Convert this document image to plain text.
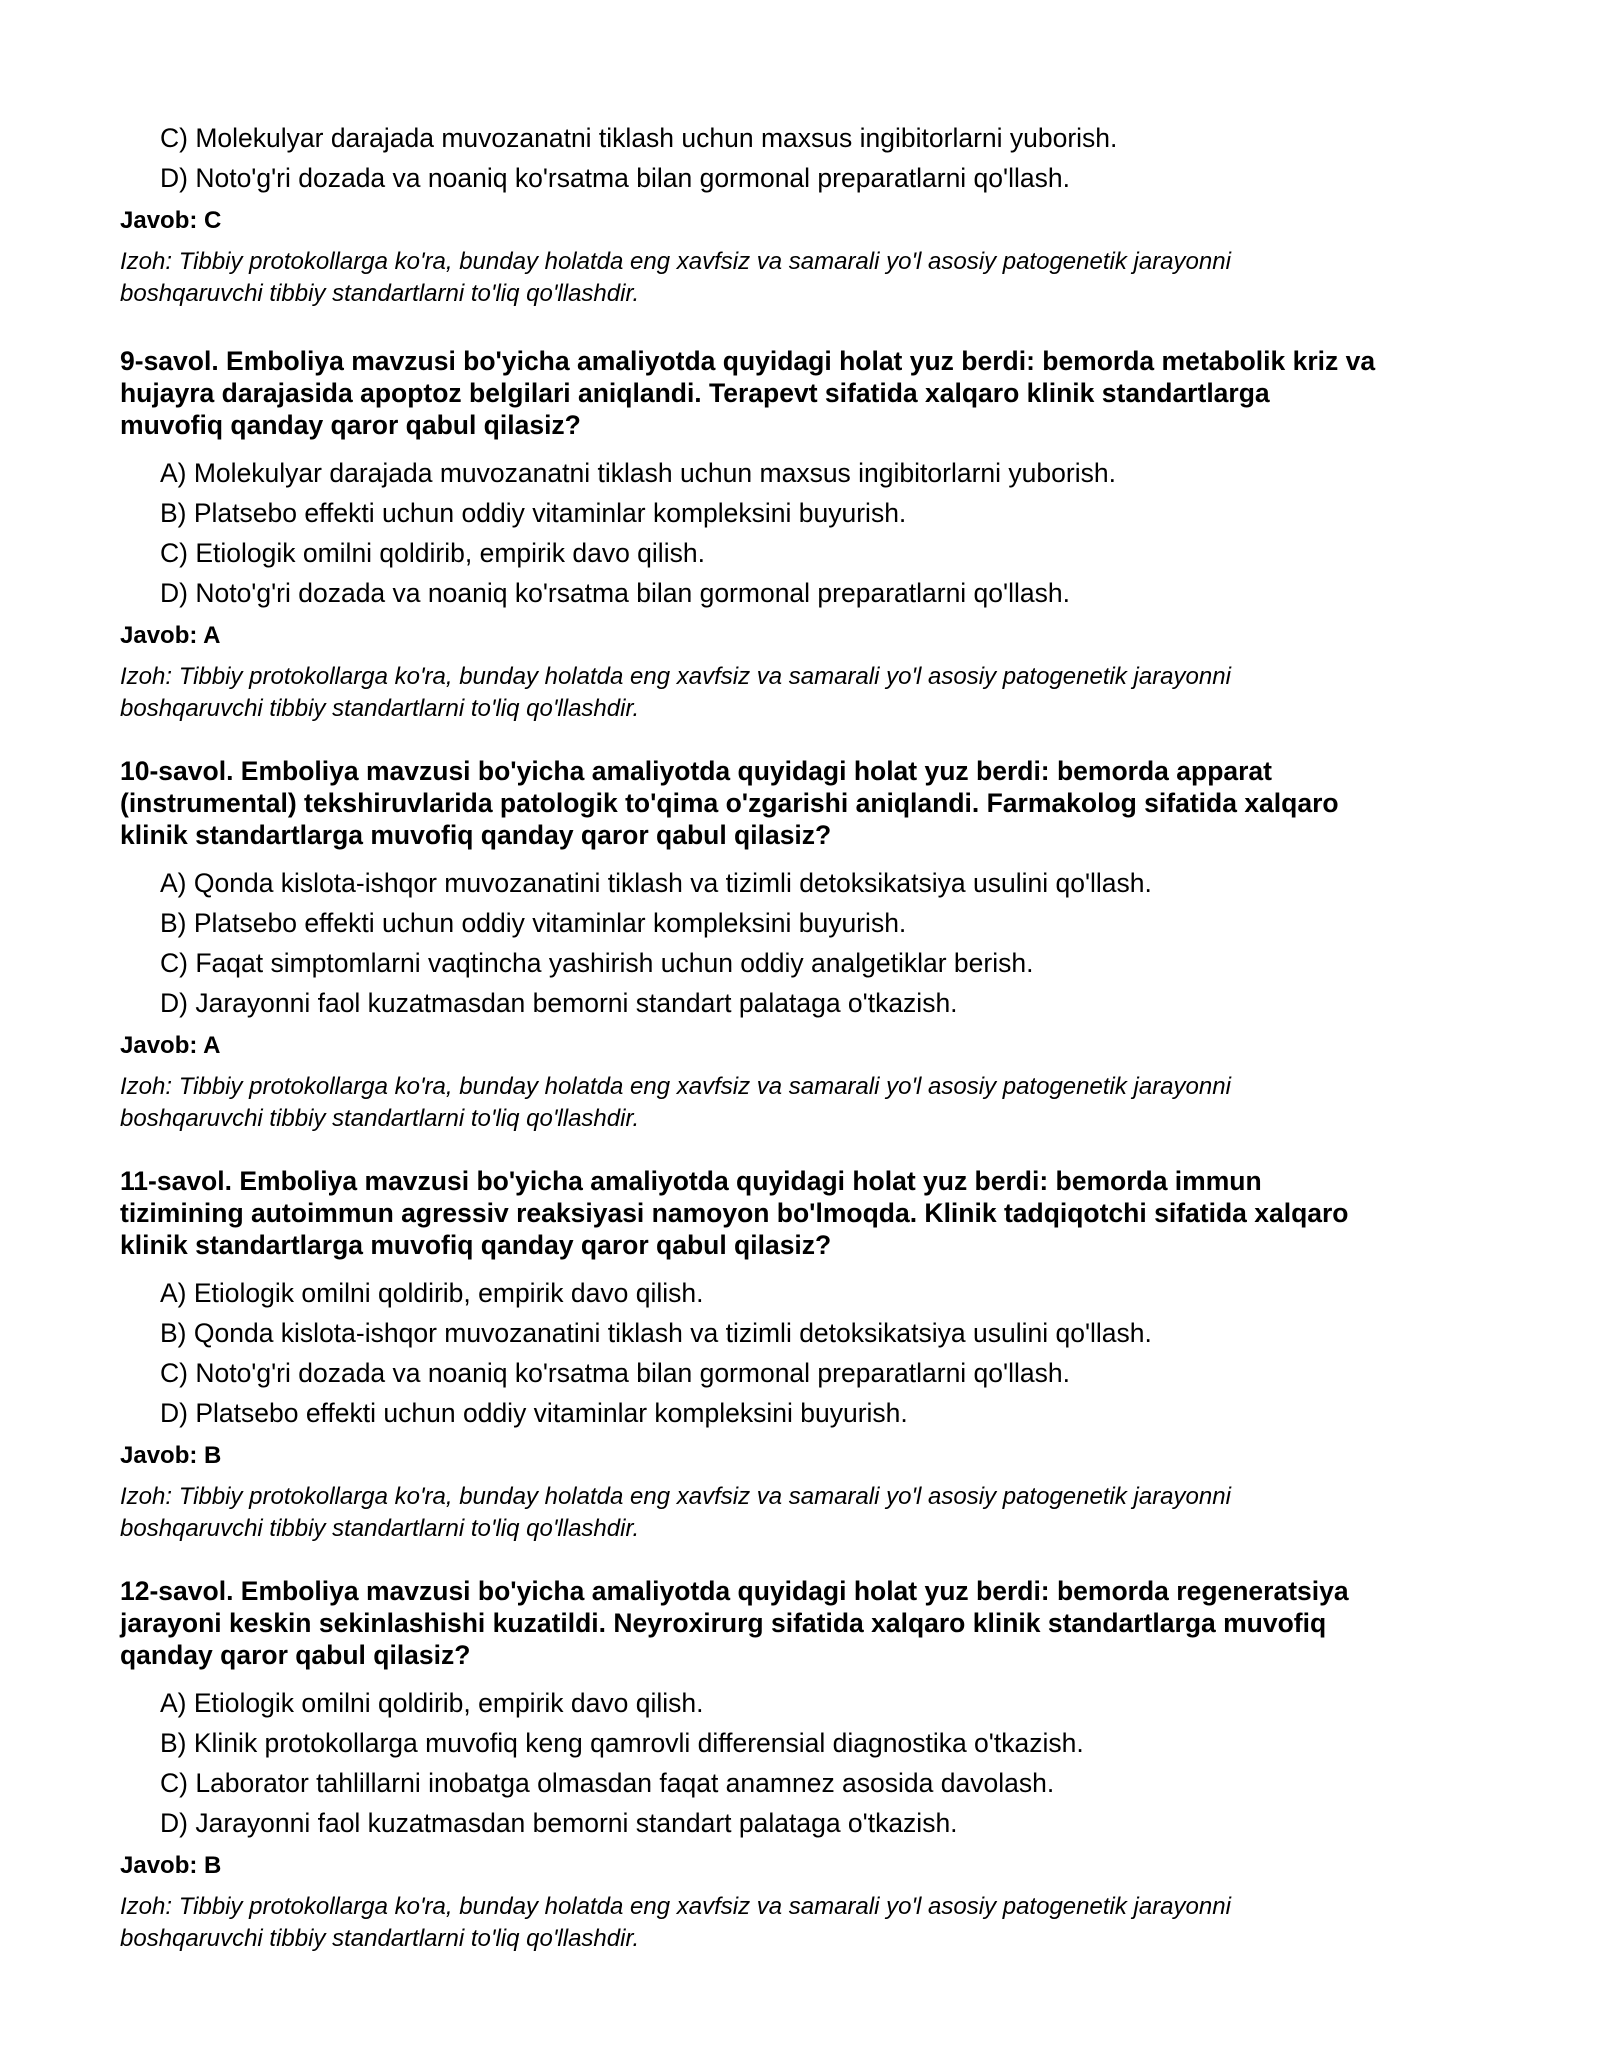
C) Molekulyar darajada muvozanatni tiklash uchun maxsus ingibitorlarni yuborish.
D) Noto'g'ri dozada va noaniq ko'rsatma bilan gormonal preparatlarni qo'llash.
Javob: C
Izoh: Tibbiy protokollarga ko'ra, bunday holatda eng xavfsiz va samarali yo'l asosiy patogenetik jarayonni
boshqaruvchi tibbiy standartlarni to'liq qo'llashdir.
9-savol. Emboliya mavzusi bo'yicha amaliyotda quyidagi holat yuz berdi: bemorda metabolik kriz va
hujayra darajasida apoptoz belgilari aniqlandi. Terapevt sifatida xalqaro klinik standartlarga
muvofiq qanday qaror qabul qilasiz?
A) Molekulyar darajada muvozanatni tiklash uchun maxsus ingibitorlarni yuborish.
B) Platsebo effekti uchun oddiy vitaminlar kompleksini buyurish.
C) Etiologik omilni qoldirib, empirik davo qilish.
D) Noto'g'ri dozada va noaniq ko'rsatma bilan gormonal preparatlarni qo'llash.
Javob: A
Izoh: Tibbiy protokollarga ko'ra, bunday holatda eng xavfsiz va samarali yo'l asosiy patogenetik jarayonni
boshqaruvchi tibbiy standartlarni to'liq qo'llashdir.
10-savol. Emboliya mavzusi bo'yicha amaliyotda quyidagi holat yuz berdi: bemorda apparat
(instrumental) tekshiruvlarida patologik to'qima o'zgarishi aniqlandi. Farmakolog sifatida xalqaro
klinik standartlarga muvofiq qanday qaror qabul qilasiz?
A) Qonda kislota-ishqor muvozanatini tiklash va tizimli detoksikatsiya usulini qo'llash.
B) Platsebo effekti uchun oddiy vitaminlar kompleksini buyurish.
C) Faqat simptomlarni vaqtincha yashirish uchun oddiy analgetiklar berish.
D) Jarayonni faol kuzatmasdan bemorni standart palataga o'tkazish.
Javob: A
Izoh: Tibbiy protokollarga ko'ra, bunday holatda eng xavfsiz va samarali yo'l asosiy patogenetik jarayonni
boshqaruvchi tibbiy standartlarni to'liq qo'llashdir.
11-savol. Emboliya mavzusi bo'yicha amaliyotda quyidagi holat yuz berdi: bemorda immun
tizimining autoimmun agressiv reaksiyasi namoyon bo'lmoqda. Klinik tadqiqotchi sifatida xalqaro
klinik standartlarga muvofiq qanday qaror qabul qilasiz?
A) Etiologik omilni qoldirib, empirik davo qilish.
B) Qonda kislota-ishqor muvozanatini tiklash va tizimli detoksikatsiya usulini qo'llash.
C) Noto'g'ri dozada va noaniq ko'rsatma bilan gormonal preparatlarni qo'llash.
D) Platsebo effekti uchun oddiy vitaminlar kompleksini buyurish.
Javob: B
Izoh: Tibbiy protokollarga ko'ra, bunday holatda eng xavfsiz va samarali yo'l asosiy patogenetik jarayonni
boshqaruvchi tibbiy standartlarni to'liq qo'llashdir.
12-savol. Emboliya mavzusi bo'yicha amaliyotda quyidagi holat yuz berdi: bemorda regeneratsiya
jarayoni keskin sekinlashishi kuzatildi. Neyroxirurg sifatida xalqaro klinik standartlarga muvofiq
qanday qaror qabul qilasiz?
A) Etiologik omilni qoldirib, empirik davo qilish.
B) Klinik protokollarga muvofiq keng qamrovli differensial diagnostika o'tkazish.
C) Laborator tahlillarni inobatga olmasdan faqat anamnez asosida davolash.
D) Jarayonni faol kuzatmasdan bemorni standart palataga o'tkazish.
Javob: B
Izoh: Tibbiy protokollarga ko'ra, bunday holatda eng xavfsiz va samarali yo'l asosiy patogenetik jarayonni
boshqaruvchi tibbiy standartlarni to'liq qo'llashdir.
